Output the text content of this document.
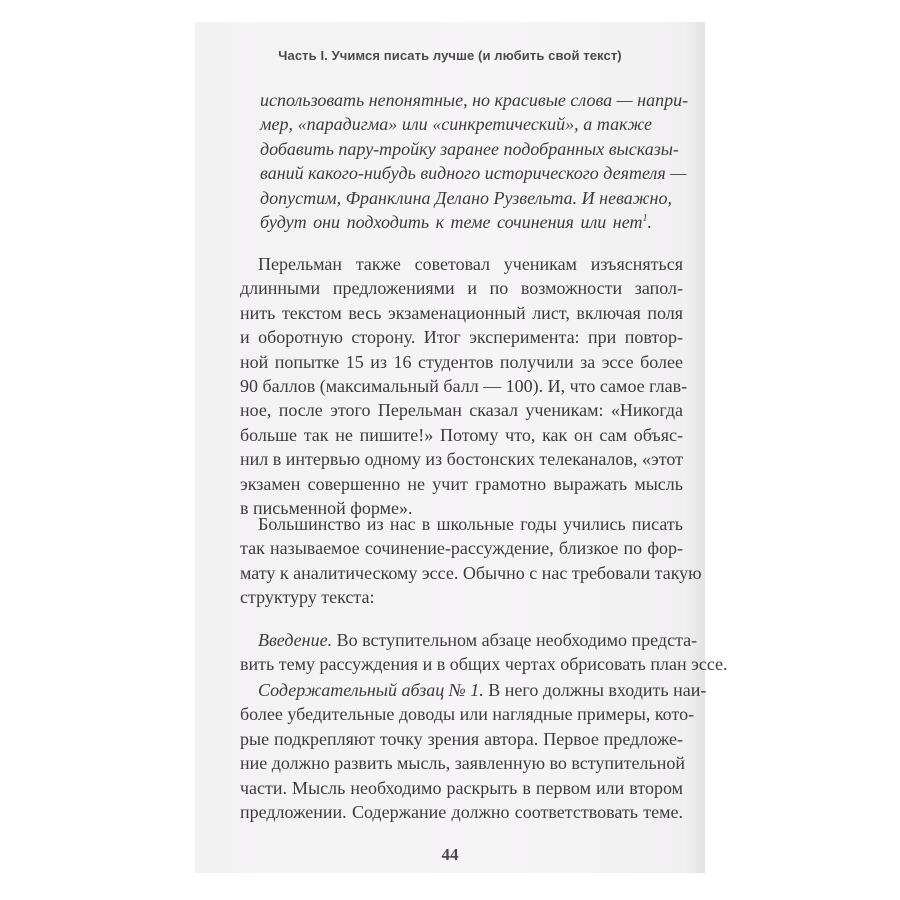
Часть I. Учимся писать лучше (и любить свой текст)
использовать непонятные, но красивые слова — напри-
мер, «парадигма» или «синкретический», а также
добавить пару-тройку заранее подобранных высказы-
ваний какого-нибудь видного исторического деятеля —
допустим, Франклина Делано Рузвельта. И неважно,
будут они подходить к теме сочинения или нет$^1$.
Перельман также советовал ученикам изъясняться
длинными предложениями и по возможности запол-
нить текстом весь экзаменационный лист, включая поля
и оборотную сторону. Итог эксперимента: при повтор-
ной попытке 15 из 16 студентов получили за эссе более
90 баллов (максимальный балл — 100). И, что самое глав-
ное, после этого Перельман сказал ученикам: «Никогда
больше так не пишите!» Потому что, как он сам объяс-
нил в интервью одному из бостонских телеканалов, «этот
экзамен совершенно не учит грамотно выражать мысль
в письменной форме».
Большинство из нас в школьные годы учились писать
так называемое сочинение-рассуждение, близкое по фор-
мату к аналитическому эссе. Обычно с нас требовали такую
структуру текста:
Введение. Во вступительном абзаце необходимо предста-
вить тему рассуждения и в общих чертах обрисовать план эссе.
Содержательный абзац № 1. В него должны входить наи-
более убедительные доводы или наглядные примеры, кото-
рые подкрепляют точку зрения автора. Первое предложе-
ние должно развить мысль, заявленную во вступительной
части. Мысль необходимо раскрыть в первом или втором
предложении. Содержание должно соответствовать теме.
44
